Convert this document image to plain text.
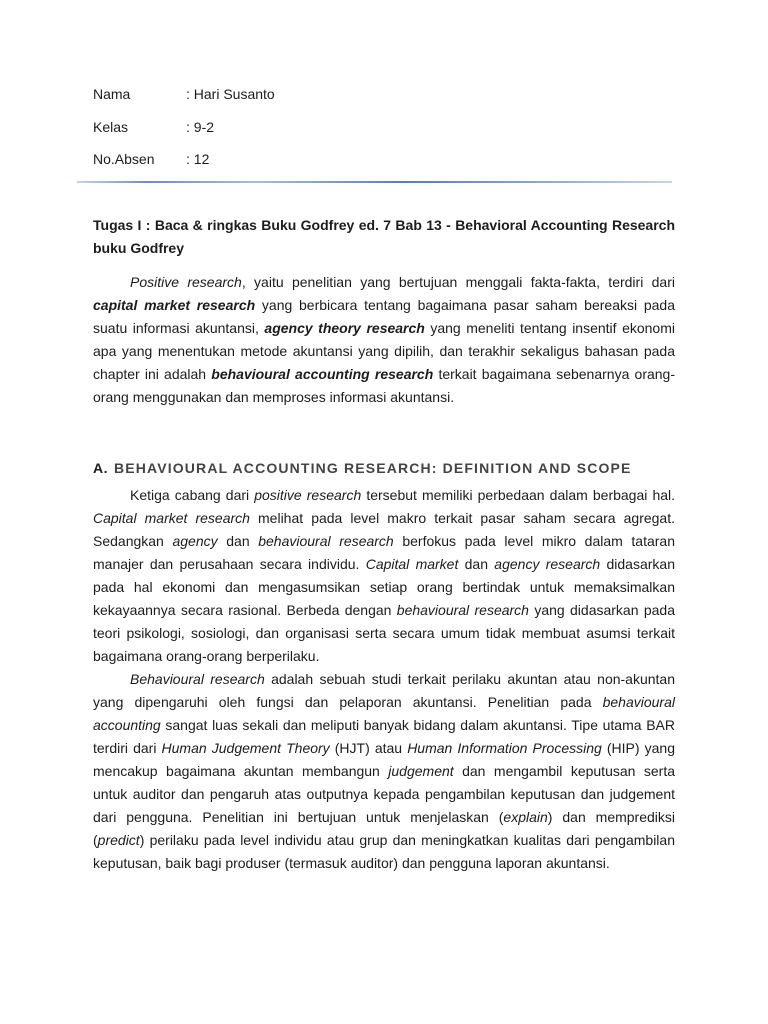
Nama	: Hari Susanto
Kelas	: 9-2
No.Absen : 12

Tugas I : Baca & ringkas Buku Godfrey ed. 7 Bab 13 - Behavioral Accounting Research buku Godfrey

Positive research, yaitu penelitian yang bertujuan menggali fakta-fakta, terdiri dari capital market research yang berbicara tentang bagaimana pasar saham bereaksi pada suatu informasi akuntansi, agency theory research yang meneliti tentang insentif ekonomi apa yang menentukan metode akuntansi yang dipilih, dan terakhir sekaligus bahasan pada chapter ini adalah behavioural accounting research terkait bagaimana sebenarnya orang-orang menggunakan dan memproses informasi akuntansi.

A. BEHAVIOURAL ACCOUNTING RESEARCH: DEFINITION AND SCOPE

Ketiga cabang dari positive research tersebut memiliki perbedaan dalam berbagai hal. Capital market research melihat pada level makro terkait pasar saham secara agregat. Sedangkan agency dan behavioural research berfokus pada level mikro dalam tataran manajer dan perusahaan secara individu. Capital market dan agency research didasarkan pada hal ekonomi dan mengasumsikan setiap orang bertindak untuk memaksimalkan kekayaannya secara rasional. Berbeda dengan behavioural research yang didasarkan pada teori psikologi, sosiologi, dan organisasi serta secara umum tidak membuat asumsi terkait bagaimana orang-orang berperilaku.

Behavioural research adalah sebuah studi terkait perilaku akuntan atau non-akuntan yang dipengaruhi oleh fungsi dan pelaporan akuntansi. Penelitian pada behavioural accounting sangat luas sekali dan meliputi banyak bidang dalam akuntansi. Tipe utama BAR terdiri dari Human Judgement Theory (HJT) atau Human Information Processing (HIP) yang mencakup bagaimana akuntan membangun judgement dan mengambil keputusan serta untuk auditor dan pengaruh atas outputnya kepada pengambilan keputusan dan judgement dari pengguna. Penelitian ini bertujuan untuk menjelaskan (explain) dan memprediksi (predict) perilaku pada level individu atau grup dan meningkatkan kualitas dari pengambilan keputusan, baik bagi produser (termasuk auditor) dan pengguna laporan akuntansi.
